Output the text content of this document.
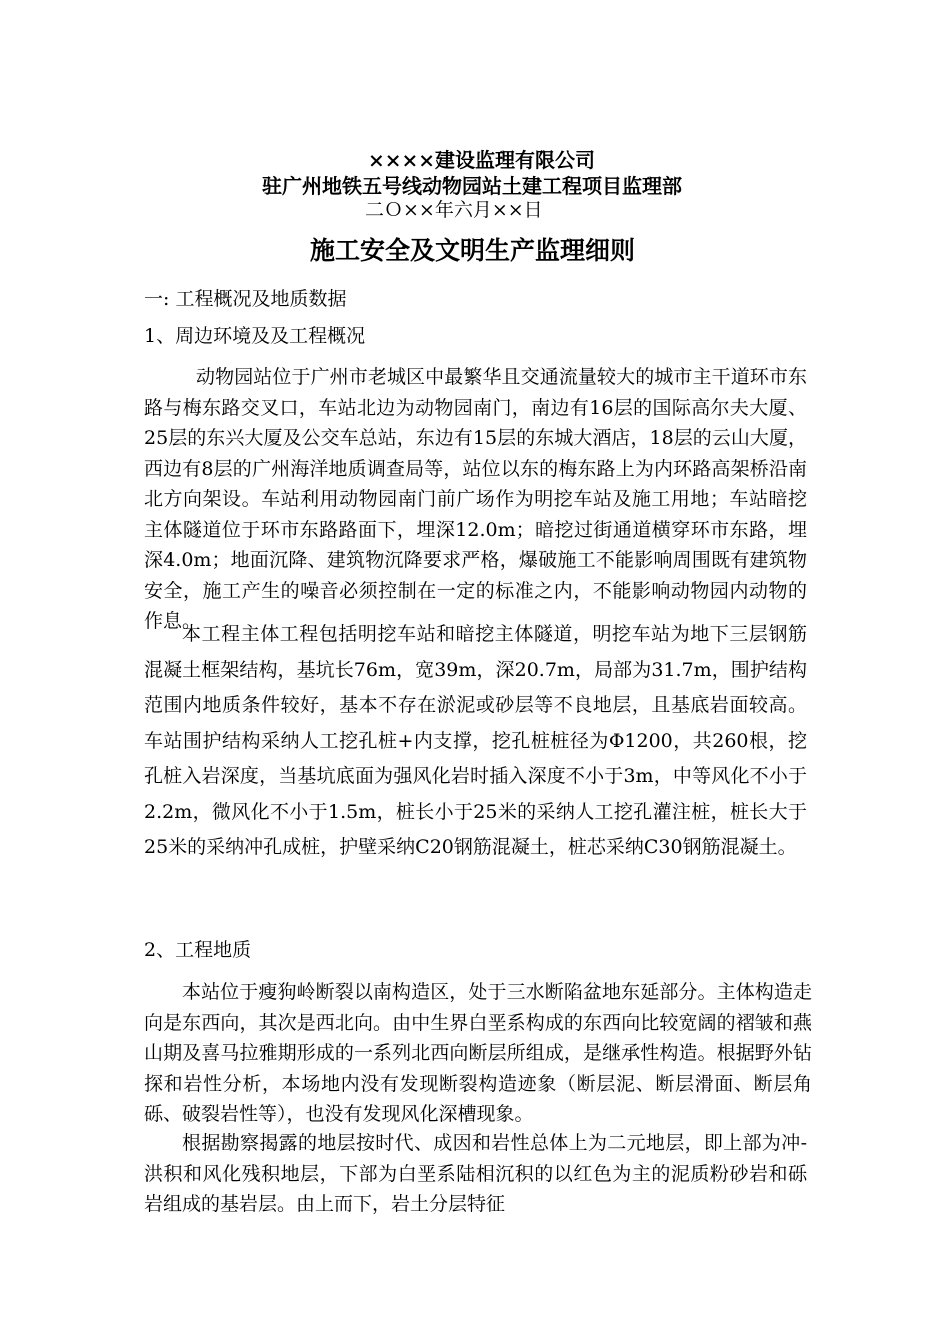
××××建设监理有限公司
驻广州地铁五号线动物园站土建工程项目监理部
二Ｏ××年六月××日
施工安全及文明生产监理细则
一: 工程概况及地质数据
1、周边环境及及工程概况

动物园站位于广州市老城区中最繁华且交通流量较大的城市主干道环市东路与梅东路交叉口，车站北边为动物园南门，南边有16层的国际高尔夫大厦、25层的东兴大厦及公交车总站，东边有15层的东城大酒店，18层的云山大厦，西边有8层的广州海洋地质调查局等，站位以东的梅东路上为内环路高架桥沿南北方向架设。车站利用动物园南门前广场作为明挖车站及施工用地；车站暗挖主体隧道位于环市东路路面下，埋深12.0m；暗挖过街通道横穿环市东路，埋深4.0m；地面沉降、建筑物沉降要求严格，爆破施工不能影响周围既有建筑物安全，施工产生的噪音必须控制在一定的标准之内，不能影响动物园内动物的作息。

本工程主体工程包括明挖车站和暗挖主体隧道，明挖车站为地下三层钢筋混凝土框架结构，基坑长76m，宽39m，深20.7m，局部为31.7m，围护结构范围内地质条件较好，基本不存在淤泥或砂层等不良地层，且基底岩面较高。车站围护结构采纳人工挖孔桩+内支撑，挖孔桩桩径为Φ1200，共260根，挖孔桩入岩深度，当基坑底面为强风化岩时插入深度不小于3m，中等风化不小于2.2m，微风化不小于1.5m，桩长小于25米的采纳人工挖孔灌注桩，桩长大于25米的采纳冲孔成桩，护壁采纳C20钢筋混凝土，桩芯采纳C30钢筋混凝土。

2、工程地质

本站位于瘦狗岭断裂以南构造区，处于三水断陷盆地东延部分。主体构造走向是东西向，其次是西北向。由中生界白垩系构成的东西向比较宽阔的褶皱和燕山期及喜马拉雅期形成的一系列北西向断层所组成，是继承性构造。根据野外钻探和岩性分析，本场地内没有发现断裂构造迹象（断层泥、断层滑面、断层角砾、破裂岩性等），也没有发现风化深槽现象。

根据勘察揭露的地层按时代、成因和岩性总体上为二元地层，即上部为冲-洪积和风化残积地层，下部为白垩系陆相沉积的以红色为主的泥质粉砂岩和砾岩组成的基岩层。由上而下，岩土分层特征
